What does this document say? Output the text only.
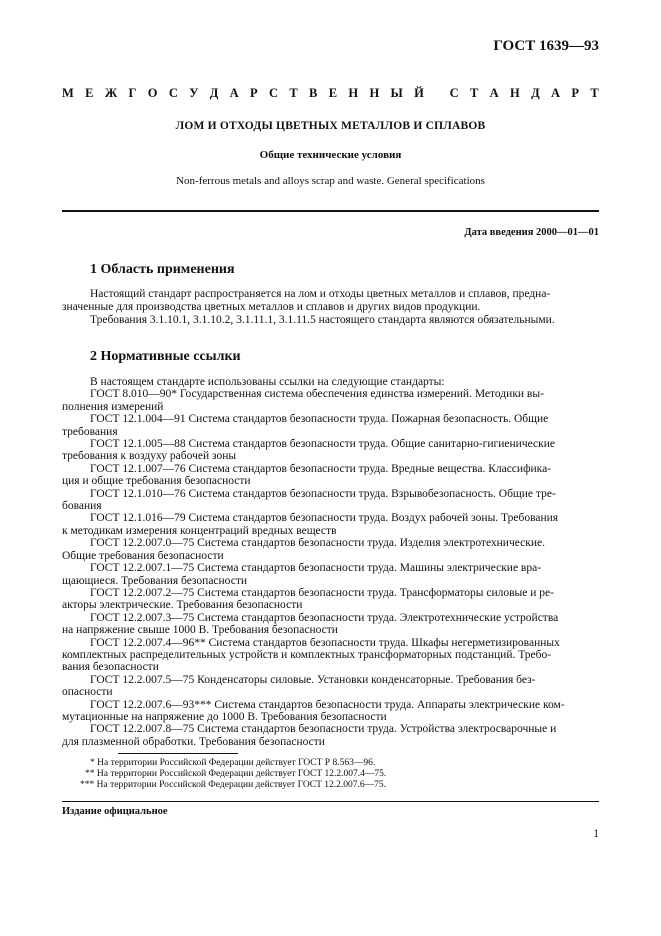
ГОСТ 1639—93
М Е Ж Г О С У Д А Р С Т В Е Н Н Ы Й
С Т А Н Д А Р Т
ЛОМ И ОТХОДЫ ЦВЕТНЫХ МЕТАЛЛОВ И СПЛАВОВ
Общие технические условия
Non-ferrous metals and alloys scrap and waste. General specifications
Дата введения 2000—01—01
1 Область применения

Настоящий стандарт распространяется на лом и отходы цветных металлов и сплавов, предна-

значенные для производства цветных металлов и сплавов и других видов продукции.

Требования 3.1.10.1, 3.1.10.2, 3.1.11.1, 3.1.11.5 настоящего стандарта являются обязательными.

2 Нормативные ссылки
В настоящем стандарте использованы ссылки на следующие стандарты:
ГОСТ 8.010—90* Государственная система обеспечения единства измерений. Методики вы-
полнения измерений
ГОСТ 12.1.004—91 Система стандартов безопасности труда. Пожарная безопасность. Общие
требования
ГОСТ 12.1.005—88 Система стандартов безопасности труда. Общие санитарно-гигиенические
требования к воздуху рабочей зоны
ГОСТ 12.1.007—76 Система стандартов безопасности труда. Вредные вещества. Классифика-
ция и общие требования безопасности
ГОСТ 12.1.010—76 Система стандартов безопасности труда. Взрывобезопасность. Общие тре-
бования
ГОСТ 12.1.016—79 Система стандартов безопасности труда. Воздух рабочей зоны. Требования
к методикам измерения концентраций вредных веществ
ГОСТ 12.2.007.0—75 Система стандартов безопасности труда. Изделия электротехнические.
Общие требования безопасности
ГОСТ 12.2.007.1—75 Система стандартов безопасности труда. Машины электрические вра-
щающиеся. Требования безопасности
ГОСТ 12.2.007.2—75 Система стандартов безопасности труда. Трансформаторы силовые и ре-
акторы электрические. Требования безопасности
ГОСТ 12.2.007.3—75 Система стандартов безопасности труда. Электротехнические устройства
на напряжение свыше 1000 В. Требования безопасности
ГОСТ 12.2.007.4—96** Система стандартов безопасности труда. Шкафы негерметизированных
комплектных распределительных устройств и комплектных трансформаторных подстанций. Требо-
вания безопасности
ГОСТ 12.2.007.5—75 Конденсаторы силовые. Установки конденсаторные. Требования без-
опасности
ГОСТ 12.2.007.6—93*** Система стандартов безопасности труда. Аппараты электрические ком-
мутационные на напряжение до 1000 В. Требования безопасности
ГОСТ 12.2.007.8—75 Система стандартов безопасности труда. Устройства электросварочные и
для плазменной обработки. Требования безопасности
* На территории Российской Федерации действует ГОСТ Р 8.563—96.
** На территории Российской Федерации действует ГОСТ 12.2.007.4—75.
*** На территории Российской Федерации действует ГОСТ 12.2.007.6—75.
Издание официальное
1
